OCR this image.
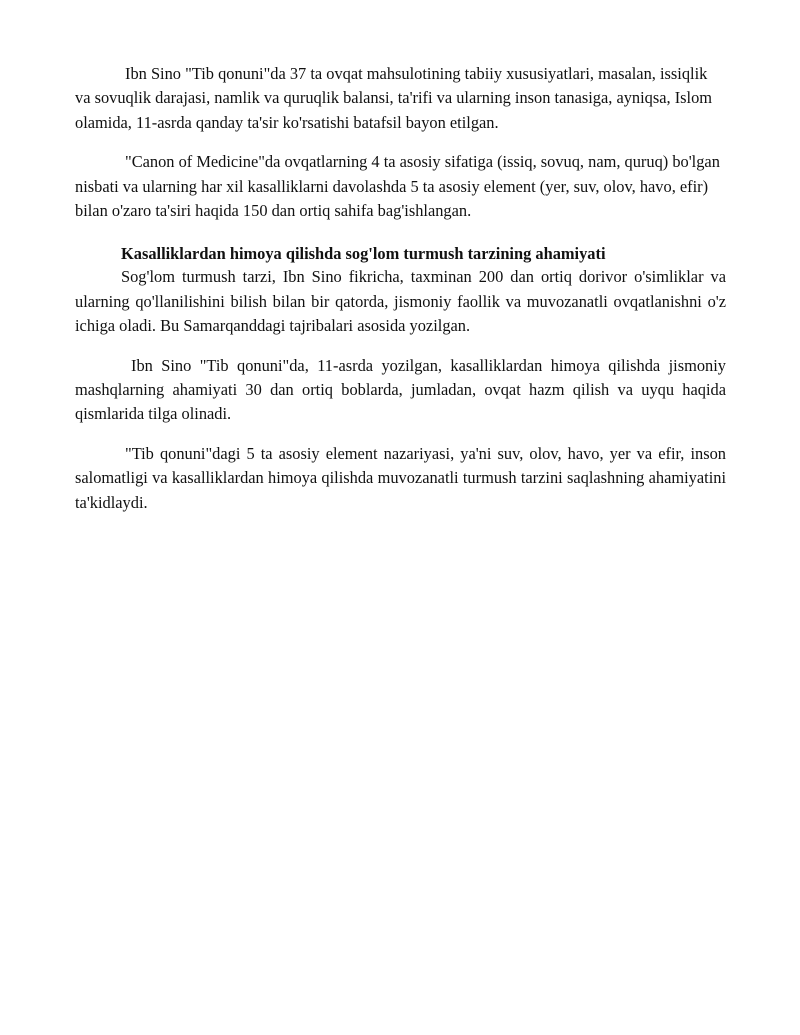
Ibn Sino "Tib qonuni"da 37 ta ovqat mahsulotining tabiiy xususiyatlari, masalan, issiqlik va sovuqlik darajasi, namlik va quruqlik balansi, ta'rifi va ularning inson tanasiga, ayniqsa, Islom olamida, 11-asrda qanday ta'sir ko'rsatishi batafsil bayon etilgan.

"Canon of Medicine"da ovqatlarning 4 ta asosiy sifatiga (issiq, sovuq, nam, quruq) bo'lgan nisbati va ularning har xil kasalliklarni davolashda 5 ta asosiy element (yer, suv, olov, havo, efir) bilan o'zaro ta'siri haqida 150 dan ortiq sahifa bag'ishlangan.

Kasalliklardan himoya qilishda sog'lom turmush tarzining ahamiyati

Sog'lom turmush tarzi, Ibn Sino fikricha, taxminan 200 dan ortiq dorivor o'simliklar va ularning qo'llanilishini bilish bilan bir qatorda, jismoniy faollik va muvozanatli ovqatlanishni o'z ichiga oladi. Bu Samarqanddagi tajribalari asosida yozilgan.

Ibn Sino "Tib qonuni"da, 11-asrda yozilgan, kasalliklardan himoya qilishda jismoniy mashqlarning ahamiyati 30 dan ortiq boblarda, jumladan, ovqat hazm qilish va uyqu haqida qismlarida tilga olinadi.

"Tib qonuni"dagi 5 ta asosiy element nazariyasi, ya'ni suv, olov, havo, yer va efir, inson salomatligi va kasalliklardan himoya qilishda muvozanatli turmush tarzini saqlashning ahamiyatini ta'kidlaydi.
